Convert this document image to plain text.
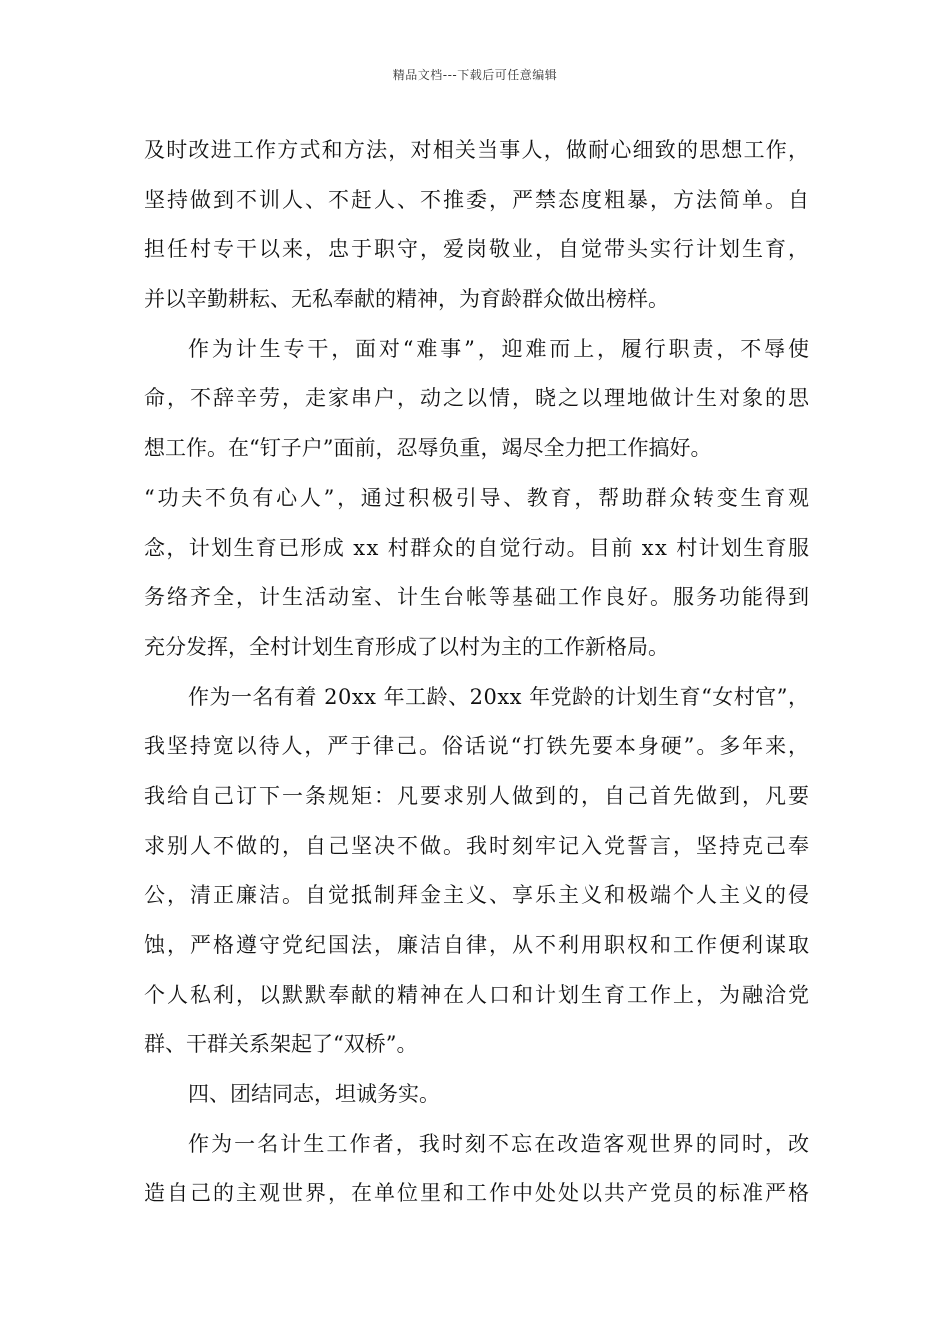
精品文档---下载后可任意编辑
及时改进工作方式和方法，对相关当事人，做耐心细致的思想工作，
坚持做到不训人、不赶人、不推委，严禁态度粗暴，方法简单。自
担任村专干以来，忠于职守，爱岗敬业，自觉带头实行计划生育，
并以辛勤耕耘、无私奉献的精神，为育龄群众做出榜样。
作为计生专干，面对“难事”，迎难而上，履行职责，不辱使
命，不辞辛劳，走家串户，动之以情，晓之以理地做计生对象的思
想工作。在“钉子户”面前，忍辱负重，竭尽全力把工作搞好。
“功夫不负有心人”，通过积极引导、教育，帮助群众转变生育观
念，计划生育已形成 xx 村群众的自觉行动。目前 xx 村计划生育服
务络齐全，计生活动室、计生台帐等基础工作良好。服务功能得到
充分发挥，全村计划生育形成了以村为主的工作新格局。
作为一名有着 20xx 年工龄、20xx 年党龄的计划生育“女村官”，
我坚持宽以待人，严于律己。俗话说“打铁先要本身硬”。多年来，
我给自己订下一条规矩：凡要求别人做到的，自己首先做到，凡要
求别人不做的，自己坚决不做。我时刻牢记入党誓言，坚持克己奉
公，清正廉洁。自觉抵制拜金主义、享乐主义和极端个人主义的侵
蚀，严格遵守党纪国法，廉洁自律，从不利用职权和工作便利谋取
个人私利，以默默奉献的精神在人口和计划生育工作上，为融洽党
群、干群关系架起了“双桥”。
四、团结同志，坦诚务实。
作为一名计生工作者，我时刻不忘在改造客观世界的同时，改
造自己的主观世界，在单位里和工作中处处以共产党员的标准严格
